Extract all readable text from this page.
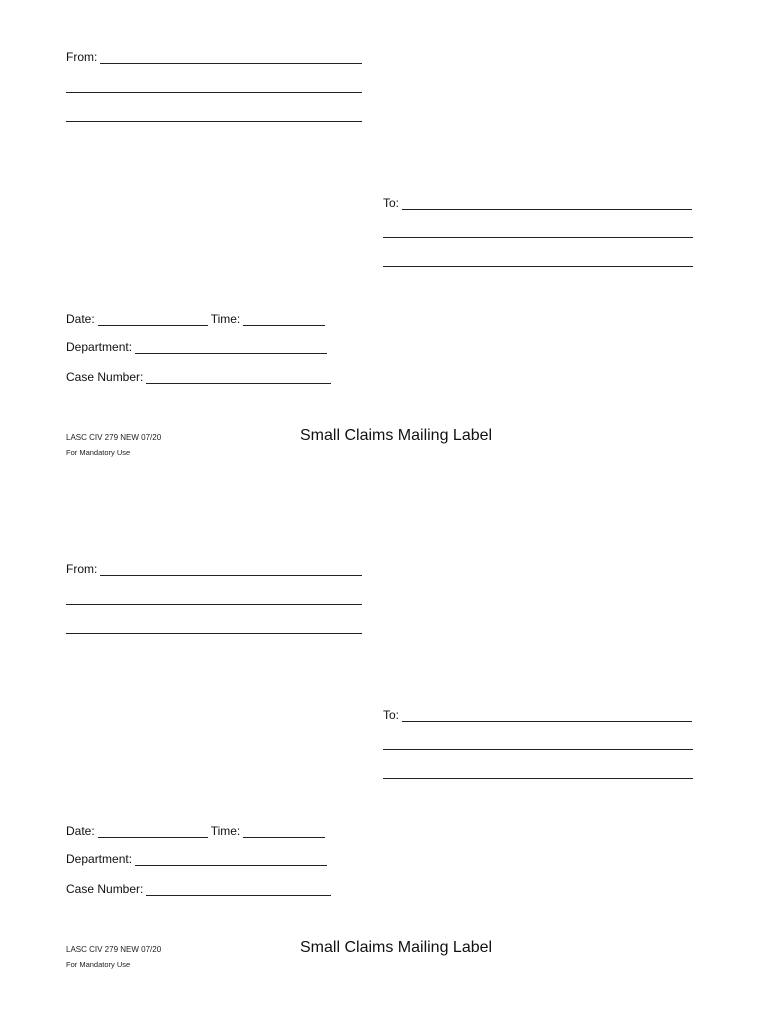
From:
To:
Date:	Time:
Department:
Case Number:
LASC CIV 279 NEW 07/20
For Mandatory Use
Small Claims Mailing Label
From:
To:
Date:	Time:
Department:
Case Number:
LASC CIV 279 NEW 07/20
For Mandatory Use
Small Claims Mailing Label
